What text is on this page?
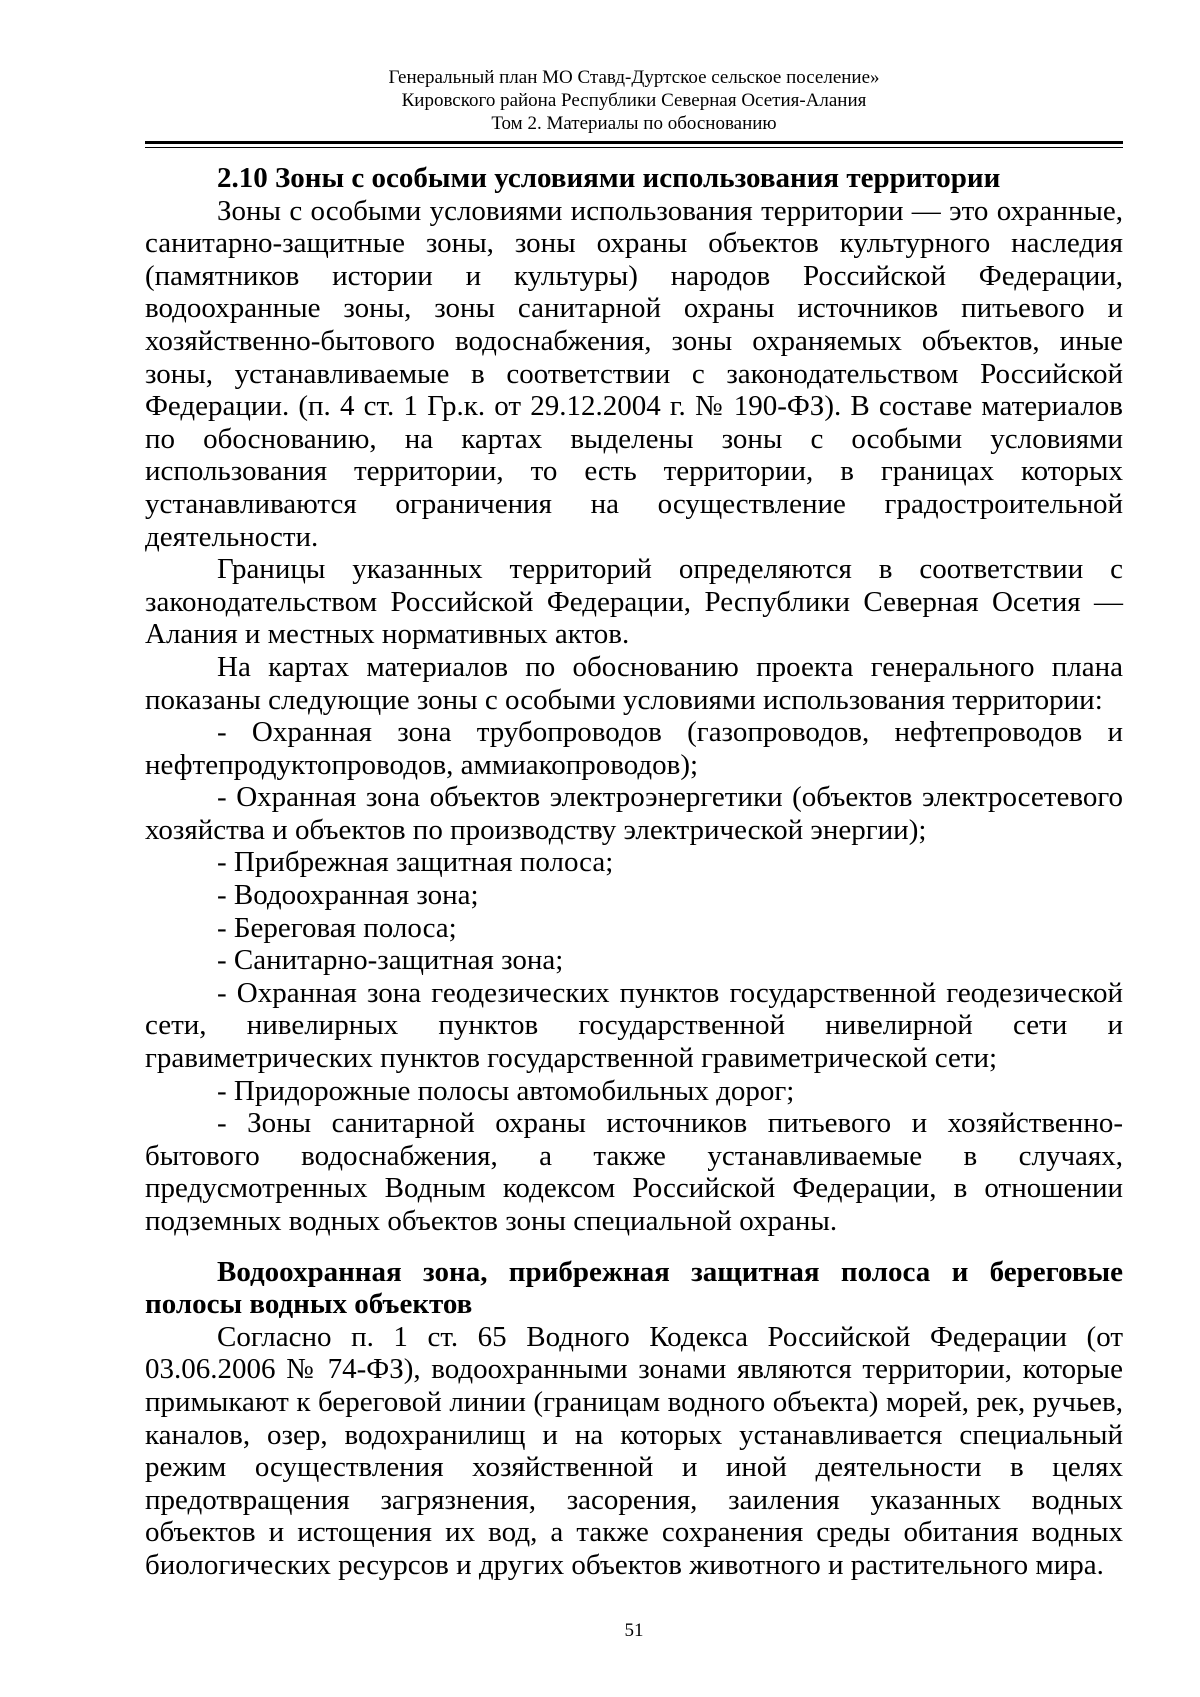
Генеральный план МО Ставд-Дуртское сельское поселение»
Кировского района Республики Северная Осетия-Алания
Том 2. Материалы по обоснованию

2.10 Зоны с особыми условиями использования территории

Зоны с особыми условиями использования территории — это охранные, санитарно-защитные зоны, зоны охраны объектов культурного наследия (памятников истории и культуры) народов Российской Федерации, водоохранные зоны, зоны санитарной охраны источников питьевого и хозяйственно-бытового водоснабжения, зоны охраняемых объектов, иные зоны, устанавливаемые в соответствии с законодательством Российской Федерации. (п. 4 ст. 1 Гр.к. от 29.12.2004 г. № 190-ФЗ). В составе материалов по обоснованию, на картах выделены зоны с особыми условиями использования территории, то есть территории, в границах которых устанавливаются ограничения на осуществление градостроительной деятельности.

Границы указанных территорий определяются в соответствии с законодательством Российской Федерации, Республики Северная Осетия — Алания и местных нормативных актов.

На картах материалов по обоснованию проекта генерального плана показаны следующие зоны с особыми условиями использования территории:

- Охранная зона трубопроводов (газопроводов, нефтепроводов и нефтепродуктопроводов, аммиакопроводов);

- Охранная зона объектов электроэнергетики (объектов электросетевого хозяйства и объектов по производству электрической энергии);

- Прибрежная защитная полоса;

- Водоохранная зона;

- Береговая полоса;

- Санитарно-защитная зона;

- Охранная зона геодезических пунктов государственной геодезической сети, нивелирных пунктов государственной нивелирной сети и гравиметрических пунктов государственной гравиметрической сети;

- Придорожные полосы автомобильных дорог;

- Зоны санитарной охраны источников питьевого и хозяйственно-бытового водоснабжения, а также устанавливаемые в случаях, предусмотренных Водным кодексом Российской Федерации, в отношении подземных водных объектов зоны специальной охраны.

Водоохранная зона, прибрежная защитная полоса и береговые полосы водных объектов

Согласно п. 1 ст. 65 Водного Кодекса Российской Федерации (от 03.06.2006 № 74-ФЗ), водоохранными зонами являются территории, которые примыкают к береговой линии (границам водного объекта) морей, рек, ручьев, каналов, озер, водохранилищ и на которых устанавливается специальный режим осуществления хозяйственной и иной деятельности в целях предотвращения загрязнения, засорения, заиления указанных водных объектов и истощения их вод, а также сохранения среды обитания водных биологических ресурсов и других объектов животного и растительного мира.

51
